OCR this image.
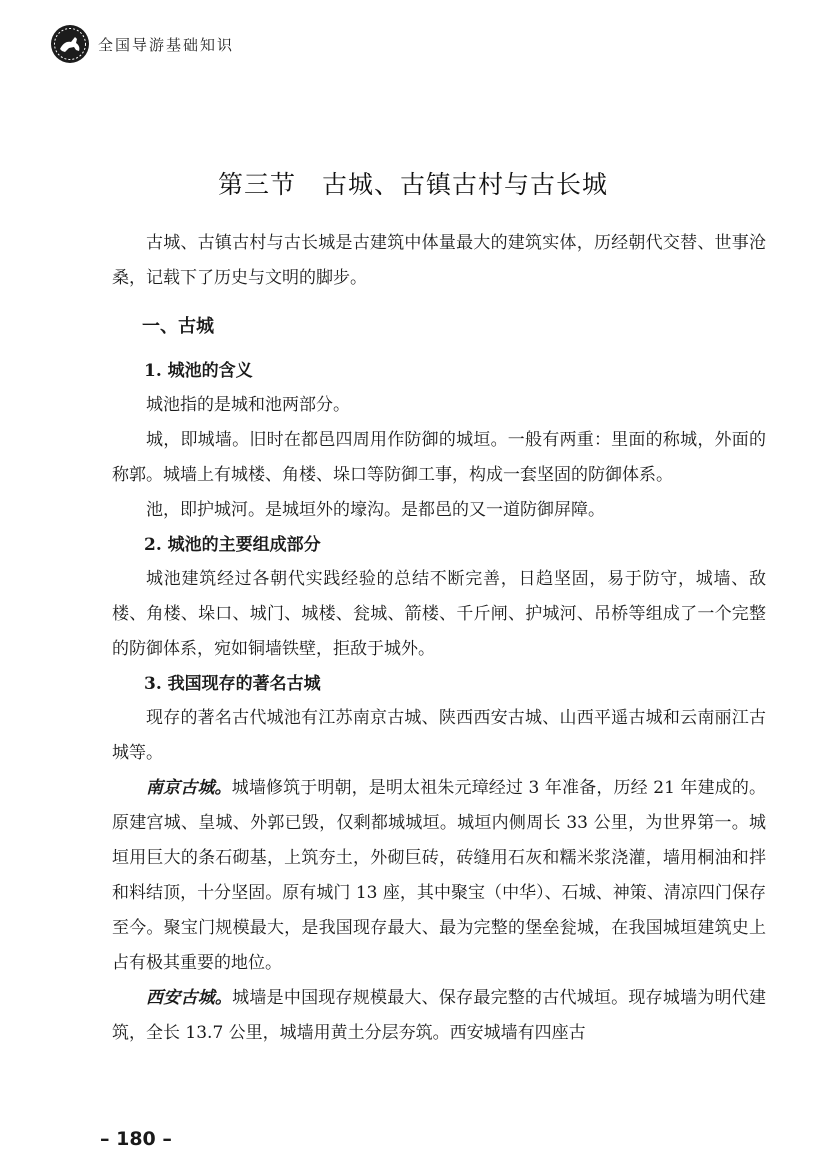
全国导游基础知识
第三节 古城、古镇古村与古长城

古城、古镇古村与古长城是古建筑中体量最大的建筑实体，历经朝代交替、世事沧桑，记载下了历史与文明的脚步。

一、古城
1. 城池的含义

城池指的是城和池两部分。

城，即城墙。旧时在都邑四周用作防御的城垣。一般有两重：里面的称城，外面的称郭。城墙上有城楼、角楼、垛口等防御工事，构成一套坚固的防御体系。

池，即护城河。是城垣外的壕沟。是都邑的又一道防御屏障。

2. 城池的主要组成部分

城池建筑经过各朝代实践经验的总结不断完善，日趋坚固，易于防守，城墙、敌楼、角楼、垛口、城门、城楼、瓮城、箭楼、千斤闸、护城河、吊桥等组成了一个完整的防御体系，宛如铜墙铁壁，拒敌于城外。

3. 我国现存的著名古城

现存的著名古代城池有江苏南京古城、陕西西安古城、山西平遥古城和云南丽江古城等。

南京古城。城墙修筑于明朝，是明太祖朱元璋经过 3 年准备，历经 21 年建成的。原建宫城、皇城、外郭已毁，仅剩都城城垣。城垣内侧周长 33 公里，为世界第一。城垣用巨大的条石砌基，上筑夯土，外砌巨砖，砖缝用石灰和糯米浆浇灌，墙用桐油和拌和料结顶，十分坚固。原有城门 13 座，其中聚宝（中华）、石城、神策、清凉四门保存至今。聚宝门规模最大，是我国现存最大、最为完整的堡垒瓮城，在我国城垣建筑史上占有极其重要的地位。

西安古城。城墙是中国现存规模最大、保存最完整的古代城垣。现存城墙为明代建筑，全长 13.7 公里，城墙用黄土分层夯筑。西安城墙有四座古

– 180 –
